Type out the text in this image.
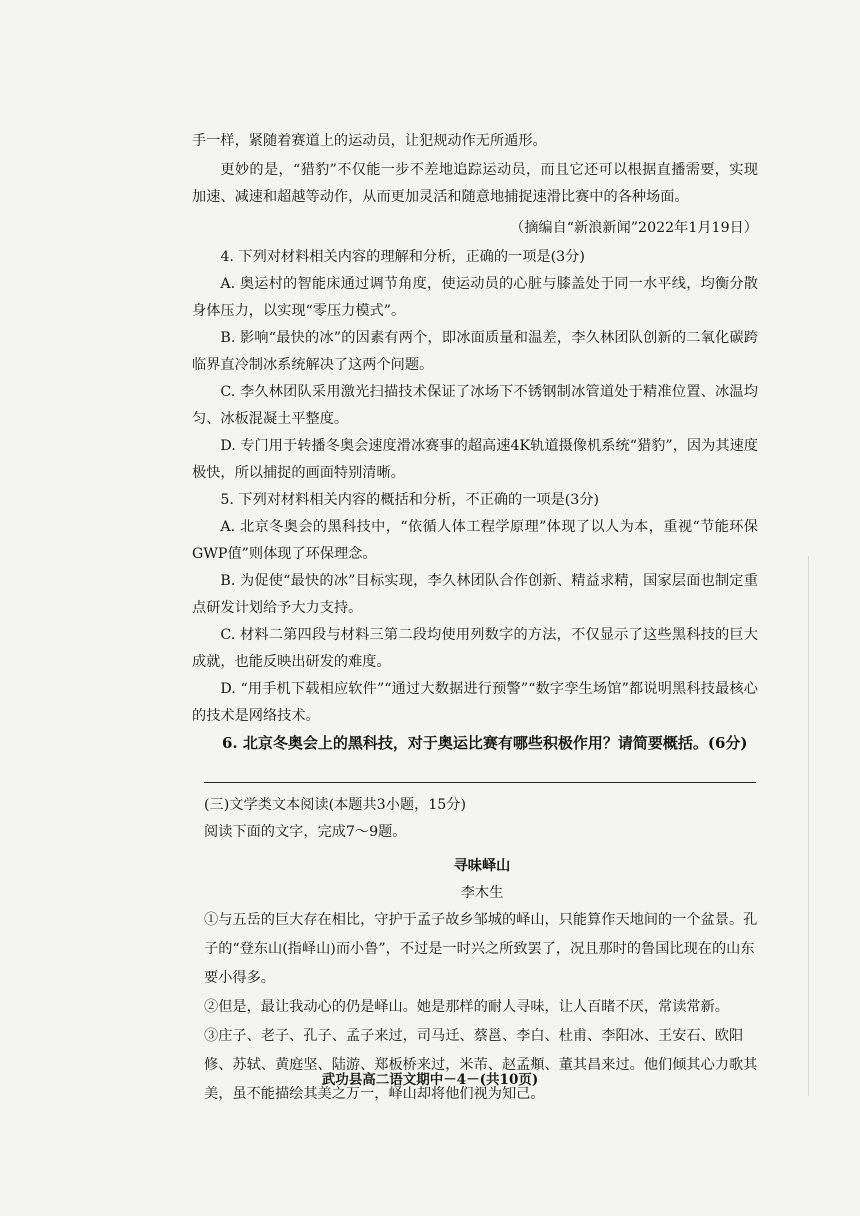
手一样，紧随着赛道上的运动员，让犯规动作无所遁形。

更妙的是，“猎豹”不仅能一步不差地追踪运动员，而且它还可以根据直播需要，实现加速、减速和超越等动作，从而更加灵活和随意地捕捉速滑比赛中的各种场面。

（摘编自“新浪新闻”2022年1月19日）

4. 下列对材料相关内容的理解和分析，正确的一项是(3分)

A. 奥运村的智能床通过调节角度，使运动员的心脏与膝盖处于同一水平线，均衡分散身体压力，以实现“零压力模式”。

B. 影响“最快的冰”的因素有两个，即冰面质量和温差，李久林团队创新的二氧化碳跨临界直冷制冰系统解决了这两个问题。

C. 李久林团队采用激光扫描技术保证了冰场下不锈钢制冰管道处于精准位置、冰温均匀、冰板混凝土平整度。

D. 专门用于转播冬奥会速度滑冰赛事的超高速4K轨道摄像机系统“猎豹”，因为其速度极快，所以捕捉的画面特别清晰。

5. 下列对材料相关内容的概括和分析，不正确的一项是(3分)

A. 北京冬奥会的黑科技中，“依循人体工程学原理”体现了以人为本，重视“节能环保GWP值”则体现了环保理念。

B. 为促使“最快的冰”目标实现，李久林团队合作创新、精益求精，国家层面也制定重点研发计划给予大力支持。

C. 材料二第四段与材料三第二段均使用列数字的方法，不仅显示了这些黑科技的巨大成就，也能反映出研发的难度。

D. “用手机下载相应软件”“通过大数据进行预警”“数字孪生场馆”都说明黑科技最核心的技术是网络技术。

6. 北京冬奥会上的黑科技，对于奥运比赛有哪些积极作用？请简要概括。(6分)

(三)文学类文本阅读(本题共3小题，15分)

阅读下面的文字，完成7～9题。

寻味峄山

李木生

①与五岳的巨大存在相比，守护于孟子故乡邹城的峄山，只能算作天地间的一个盆景。孔子的“登东山(指峄山)而小鲁”，不过是一时兴之所致罢了，况且那时的鲁国比现在的山东要小得多。

②但是，最让我动心的仍是峄山。她是那样的耐人寻味，让人百睹不厌，常读常新。

③庄子、老子、孔子、孟子来过，司马迁、蔡邕、李白、杜甫、李阳冰、王安石、欧阳修、苏轼、黄庭坚、陆游、郑板桥来过，米芾、赵孟頫、董其昌来过。他们倾其心力歌其美，虽不能描绘其美之万一，峄山却将他们视为知己。

武功县高二语文期中－4－(共10页)
